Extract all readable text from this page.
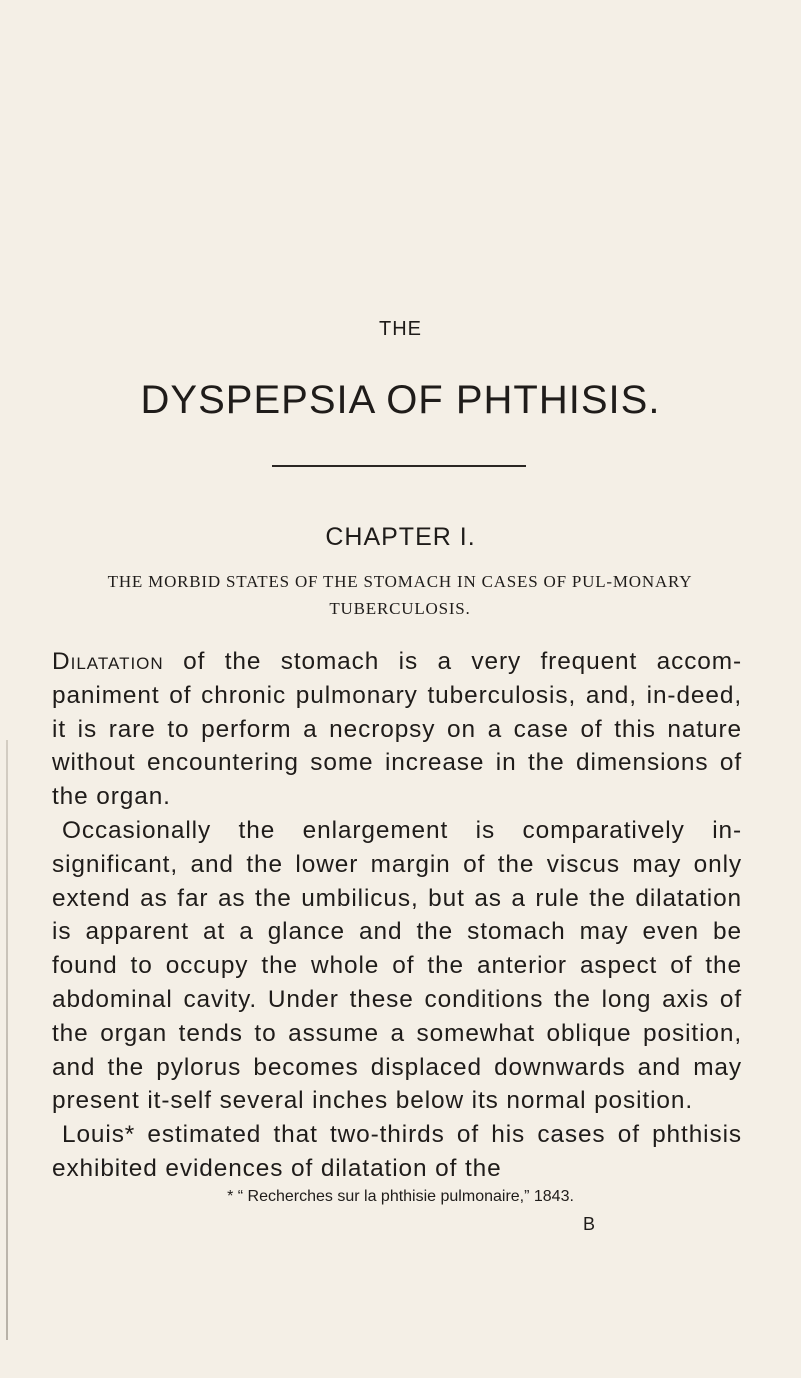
THE

DYSPEPSIA OF PHTHISIS.
CHAPTER I.

THE MORBID STATES OF THE STOMACH IN CASES OF PUL-MONARY TUBERCULOSIS.

Dilatation of the stomach is a very frequent accom-paniment of chronic pulmonary tuberculosis, and, in-deed, it is rare to perform a necropsy on a case of this nature without encountering some increase in the dimensions of the organ.

Occasionally the enlargement is comparatively in-significant, and the lower margin of the viscus may only extend as far as the umbilicus, but as a rule the dilatation is apparent at a glance and the stomach may even be found to occupy the whole of the anterior aspect of the abdominal cavity. Under these conditions the long axis of the organ tends to assume a somewhat oblique position, and the pylorus becomes displaced downwards and may present it-self several inches below its normal position.

Louis* estimated that two-thirds of his cases of phthisis exhibited evidences of dilatation of the

* “ Recherches sur la phthisie pulmonaire,” 1843.

B
